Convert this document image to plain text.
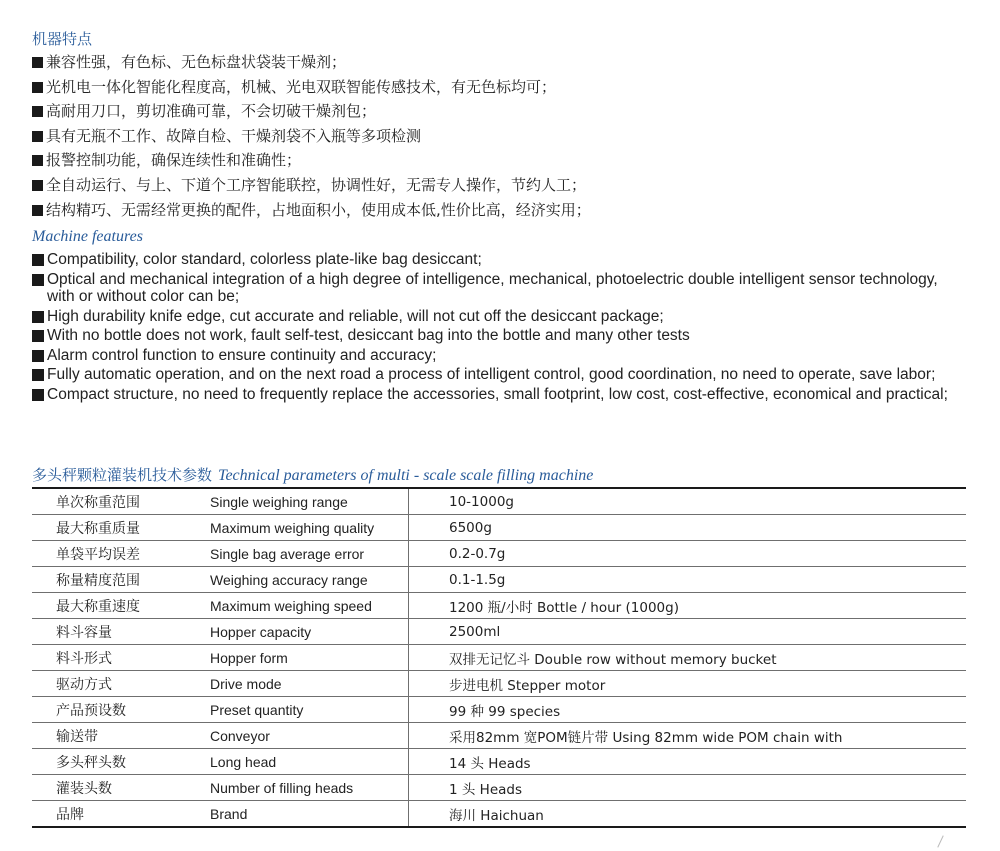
机器特点
兼容性强，有色标、无色标盘状袋装干燥剂；
光机电一体化智能化程度高，机械、光电双联智能传感技术，有无色标均可；
高耐用刀口，剪切准确可靠，不会切破干燥剂包；
具有无瓶不工作、故障自检、干燥剂袋不入瓶等多项检测
报警控制功能，确保连续性和准确性；
全自动运行、与上、下道个工序智能联控，协调性好，无需专人操作，节约人工；
结构精巧、无需经常更换的配件，占地面积小，使用成本低,性价比高，经济实用；
Machine features
Compatibility, color standard, colorless plate-like bag desiccant;
Optical and mechanical integration of a high degree of intelligence, mechanical, photoelectric double intelligent sensor technology, with or without color can be;
High durability knife edge, cut accurate and reliable, will not cut off the desiccant package;
With no bottle does not work, fault self-test, desiccant bag into the bottle and many other tests
Alarm control function to ensure continuity and accuracy;
Fully automatic operation, and on the next road a process of intelligent control, good coordination, no need to operate, save labor;
Compact structure, no need to frequently replace the accessories, small footprint, low cost, cost-effective, economical and practical;
多头秤颗粒灌装机技术参数 Technical parameters of multi - scale scale filling machine
单次称重范围	Single weighing range	10-1000g
最大称重质量	Maximum weighing quality	6500g
单袋平均误差	Single bag average error	0.2-0.7g
称量精度范围	Weighing accuracy range	0.1-1.5g
最大称重速度	Maximum weighing speed	1200 瓶/小时 Bottle / hour (1000g)
料斗容量	Hopper capacity	2500ml
料斗形式	Hopper form	双排无记忆斗 Double row without memory bucket
驱动方式	Drive mode	步进电机 Stepper motor
产品预设数	Preset quantity	99 种 99 species
输送带	Conveyor	采用82mm 宽POM链片带 Using 82mm wide POM chain with
多头秤头数	Long head	14 头 Heads
灌装头数	Number of filling heads	1 头 Heads
品牌	Brand	海川 Haichuan
